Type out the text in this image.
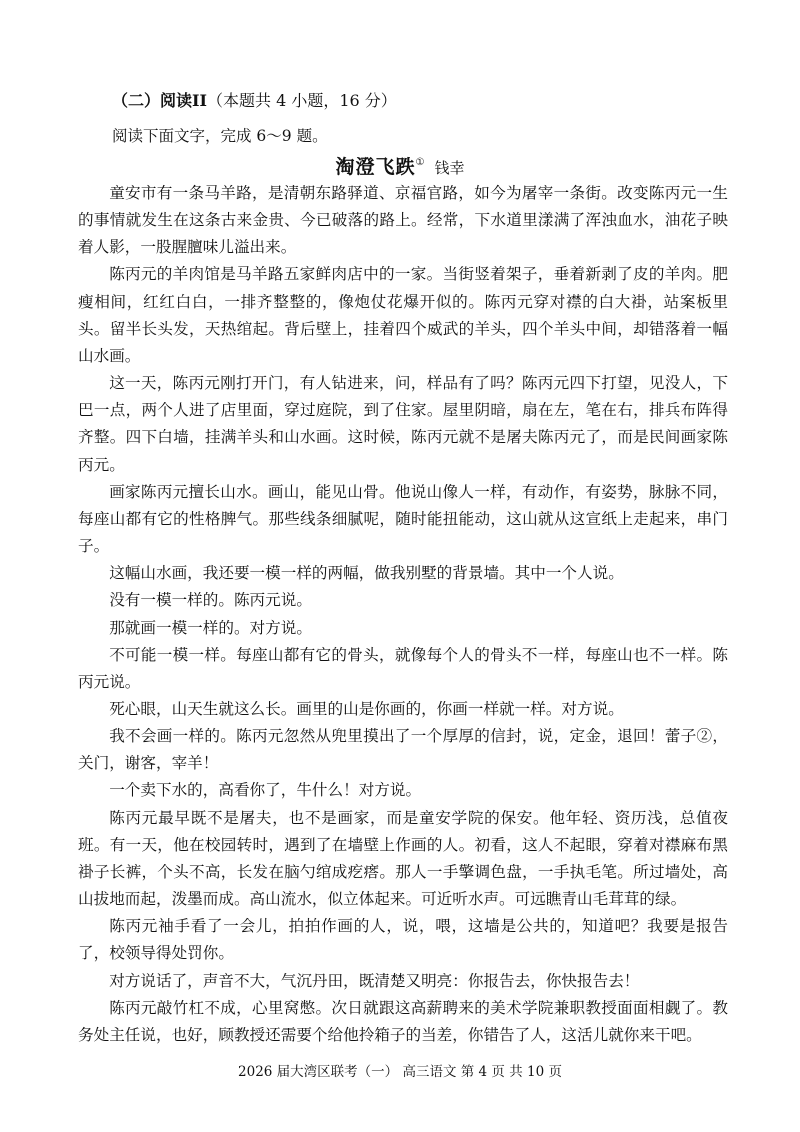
（二）阅读II（本题共 4 小题，16 分）
阅读下面文字，完成 6～9 题。
淘澄飞跌① 钱幸

童安市有一条马羊路，是清朝东路驿道、京福官路，如今为屠宰一条街。改变陈丙元一生的事情就发生在这条古来金贵、今已破落的路上。经常，下水道里漾满了浑浊血水，油花子映着人影，一股腥膻味儿溢出来。

陈丙元的羊肉馆是马羊路五家鲜肉店中的一家。当街竖着架子，垂着新剥了皮的羊肉。肥瘦相间，红红白白，一排齐整整的，像炮仗花爆开似的。陈丙元穿对襟的白大褂，站案板里头。留半长头发，天热绾起。背后壁上，挂着四个威武的羊头，四个羊头中间，却错落着一幅山水画。

这一天，陈丙元刚打开门，有人钻进来，问，样品有了吗？陈丙元四下打望，见没人，下巴一点，两个人进了店里面，穿过庭院，到了住家。屋里阴暗，扇在左，笔在右，排兵布阵得齐整。四下白墙，挂满羊头和山水画。这时候，陈丙元就不是屠夫陈丙元了，而是民间画家陈丙元。

画家陈丙元擅长山水。画山，能见山骨。他说山像人一样，有动作，有姿势，脉脉不同，每座山都有它的性格脾气。那些线条细腻呢，随时能扭能动，这山就从这宣纸上走起来，串门子。

这幅山水画，我还要一模一样的两幅，做我别墅的背景墙。其中一个人说。

没有一模一样的。陈丙元说。

那就画一模一样的。对方说。

不可能一模一样。每座山都有它的骨头，就像每个人的骨头不一样，每座山也不一样。陈丙元说。

死心眼，山天生就这么长。画里的山是你画的，你画一样就一样。对方说。

我不会画一样的。陈丙元忽然从兜里摸出了一个厚厚的信封，说，定金，退回！蕾子②，关门，谢客，宰羊！

一个卖下水的，高看你了，牛什么！对方说。

陈丙元最早既不是屠夫，也不是画家，而是童安学院的保安。他年轻、资历浅，总值夜班。有一天，他在校园转时，遇到了在墙壁上作画的人。初看，这人不起眼，穿着对襟麻布黑褂子长裤，个头不高，长发在脑勺绾成疙瘩。那人一手擎调色盘，一手执毛笔。所过墙处，高山拔地而起，泼墨而成。高山流水，似立体起来。可近听水声。可远瞧青山毛茸茸的绿。

陈丙元袖手看了一会儿，拍拍作画的人，说，喂，这墙是公共的，知道吧？我要是报告了，校领导得处罚你。

对方说话了，声音不大，气沉丹田，既清楚又明亮：你报告去，你快报告去！

陈丙元敲竹杠不成，心里窝憋。次日就跟这高薪聘来的美术学院兼职教授面面相觑了。教务处主任说，也好，顾教授还需要个给他拎箱子的当差，你错告了人，这活儿就你来干吧。

2026 届大湾区联考（一） 高三语文 第 4 页 共 10 页
